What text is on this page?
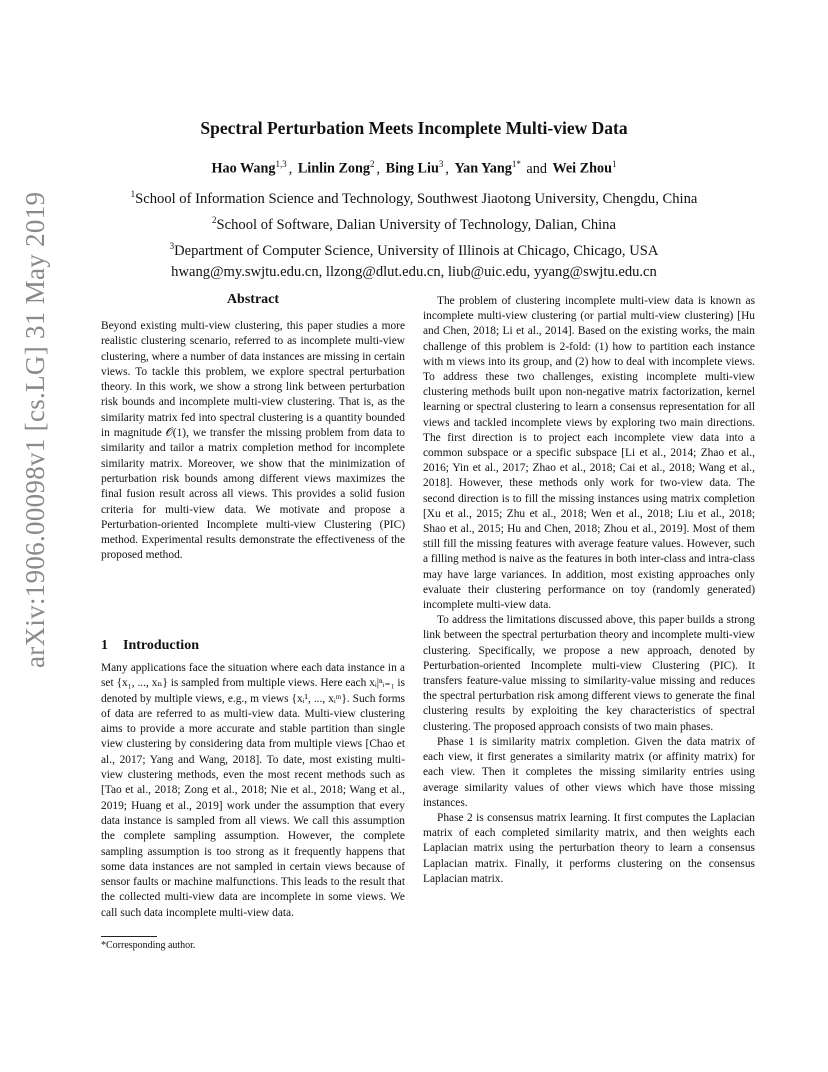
arXiv:1906.00098v1 [cs.LG] 31 May 2019
Spectral Perturbation Meets Incomplete Multi-view Data
Hao Wang$^{1,3}$ , Linlin Zong$^2$ , Bing Liu$^3$ , Yan Yang$^{1*}$ and Wei Zhou$^1$
$^1$School of Information Science and Technology, Southwest Jiaotong University, Chengdu, China
$^2$School of Software, Dalian University of Technology, Dalian, China
$^3$Department of Computer Science, University of Illinois at Chicago, Chicago, USA
hwang@my.swjtu.edu.cn, llzong@dlut.edu.cn, liub@uic.edu, yyang@swjtu.edu.cn
Abstract

Beyond existing multi-view clustering, this paper studies a more realistic clustering scenario, referred to as incomplete multi-view clustering, where a number of data instances are missing in certain views. To tackle this problem, we explore spectral perturbation theory. In this work, we show a strong link between perturbation risk bounds and incomplete multi-view clustering. That is, as the similarity matrix fed into spectral clustering is a quantity bounded in magnitude 𝒪(1), we transfer the missing problem from data to similarity and tailor a matrix completion method for incomplete similarity matrix. Moreover, we show that the minimization of perturbation risk bounds among different views maximizes the final fusion result across all views. This provides a solid fusion criteria for multi-view data. We motivate and propose a Perturbation-oriented Incomplete multi-view Clustering (PIC) method. Experimental results demonstrate the effectiveness of the proposed method.

1 Introduction

Many applications face the situation where each data instance in a set {x₁, ..., xₙ} is sampled from multiple views. Here each xᵢ|ⁿᵢ₌₁ is denoted by multiple views, e.g., m views {xᵢ¹, ..., xᵢᵐ}. Such forms of data are referred to as multi-view data. Multi-view clustering aims to provide a more accurate and stable partition than single view clustering by considering data from multiple views [Chao et al., 2017; Yang and Wang, 2018]. To date, most existing multi-view clustering methods, even the most recent methods such as [Tao et al., 2018; Zong et al., 2018; Nie et al., 2018; Wang et al., 2019; Huang et al., 2019] work under the assumption that every data instance is sampled from all views. We call this assumption the complete sampling assumption. However, the complete sampling assumption is too strong as it frequently happens that some data instances are not sampled in certain views because of sensor faults or machine malfunctions. This leads to the result that the collected multi-view data are incomplete in some views. We call such data incomplete multi-view data.

*Corresponding author.

The problem of clustering incomplete multi-view data is known as incomplete multi-view clustering (or partial multi-view clustering) [Hu and Chen, 2018; Li et al., 2014]. Based on the existing works, the main challenge of this problem is 2-fold: (1) how to partition each instance with m views into its group, and (2) how to deal with incomplete views. To address these two challenges, existing incomplete multi-view clustering methods built upon non-negative matrix factorization, kernel learning or spectral clustering to learn a consensus representation for all views and tackled incomplete views by exploring two main directions. The first direction is to project each incomplete view data into a common subspace or a specific subspace [Li et al., 2014; Zhao et al., 2016; Yin et al., 2017; Zhao et al., 2018; Cai et al., 2018; Wang et al., 2018]. However, these methods only work for two-view data. The second direction is to fill the missing instances using matrix completion [Xu et al., 2015; Zhu et al., 2018; Wen et al., 2018; Liu et al., 2018; Shao et al., 2015; Hu and Chen, 2018; Zhou et al., 2019]. Most of them still fill the missing features with average feature values. However, such a filling method is naive as the features in both inter-class and intra-class may have large variances. In addition, most existing approaches only evaluate their clustering performance on toy (randomly generated) incomplete multi-view data.

To address the limitations discussed above, this paper builds a strong link between the spectral perturbation theory and incomplete multi-view clustering. Specifically, we propose a new approach, denoted by Perturbation-oriented Incomplete multi-view Clustering (PIC). It transfers feature-value missing to similarity-value missing and reduces the spectral perturbation risk among different views to generate the final clustering results by exploiting the key characteristics of spectral clustering. The proposed approach consists of two main phases.

Phase 1 is similarity matrix completion. Given the data matrix of each view, it first generates a similarity matrix (or affinity matrix) for each view. Then it completes the missing similarity entries using average similarity values of other views which have those missing instances.

Phase 2 is consensus matrix learning. It first computes the Laplacian matrix of each completed similarity matrix, and then weights each Laplacian matrix using the perturbation theory to learn a consensus Laplacian matrix. Finally, it performs clustering on the consensus Laplacian matrix.
